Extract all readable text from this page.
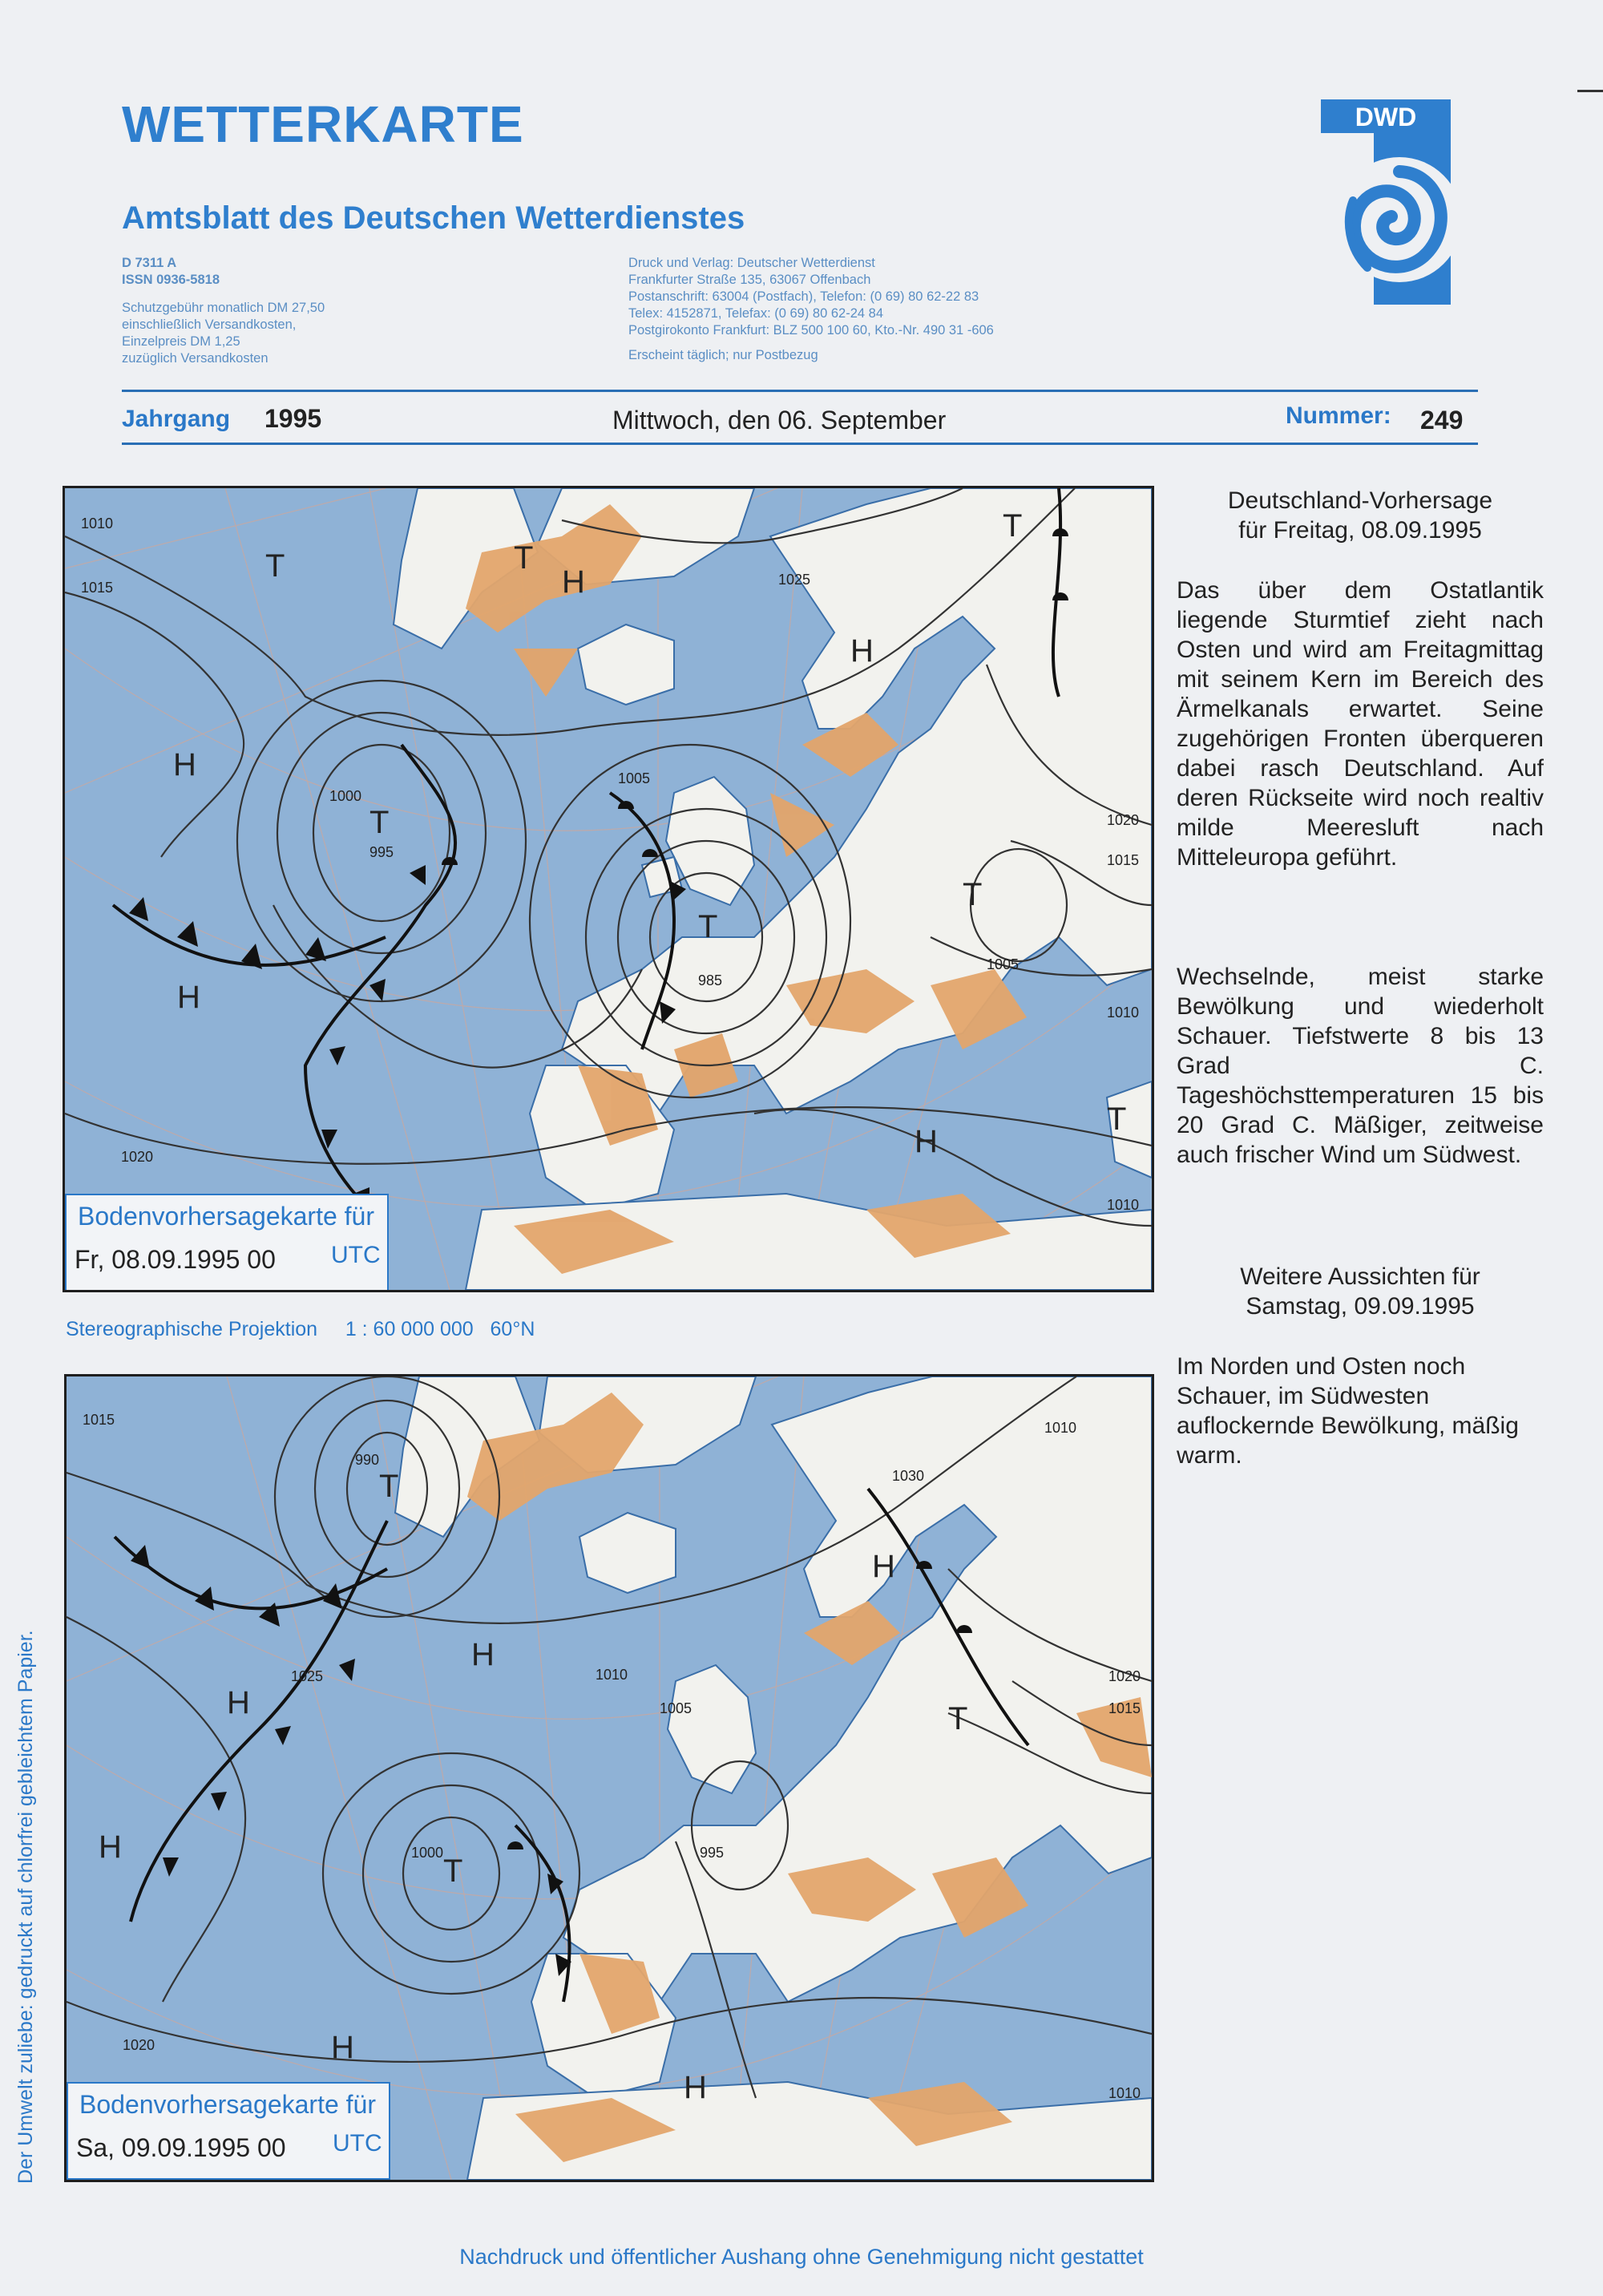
WETTERKARTE
Amtsblatt des Deutschen Wetterdienstes
D 7311 A
ISSN 0936-5818
Schutzgebühr monatlich DM 27,50
einschließlich Versandkosten,
Einzelpreis DM 1,25
zuzüglich Versandkosten
Druck und Verlag: Deutscher Wetterdienst
Frankfurter Straße 135, 63067 Offenbach
Postanschrift: 63004 (Postfach), Telefon: (0 69) 80 62-22 83
Telex: 4152871, Telefax: (0 69) 80 62-24 84
Postgirokonto Frankfurt: BLZ 500 100 60, Kto.-Nr. 490 31 -606
Erscheint täglich; nur Postbezug
DWD
Jahrgang 1995	Mittwoch, den 06. September	Nummer: 249
H
H
H
H
H
T	T
T
T
T
T
T
1010
1015
1020
1025
1005
1000
995
985
1010
1005
1015
1020
1010
Bodenvorhersagekarte für
Fr, 08.09.1995 00 UTC
Stereographische Projektion 1 : 60 000 000 60°N
H
H
H
H
H
H
T
T
T
1015
1025
1020
1010
1005
1000	995
990
1030
1010
1015
1020
1010
Bodenvorhersagekarte für
Sa, 09.09.1995 00 UTC
Deutschland-Vorhersage
für Freitag, 08.09.1995
Das über dem Ostatlantik liegende Sturmtief zieht nach Osten und wird am Freitagmittag mit seinem Kern im Bereich des Ärmelkanals erwartet. Seine zugehörigen Fronten überqueren dabei rasch Deutschland. Auf deren Rückseite wird noch realtiv milde Meeresluft nach Mitteleuropa geführt.
Wechselnde, meist starke Bewölkung und wiederholt Schauer. Tiefstwerte 8 bis 13 Grad C. Tageshöchsttemperaturen 15 bis 20 Grad C. Mäßiger, zeitweise auch frischer Wind um Südwest.
Weitere Aussichten für
Samstag, 09.09.1995
Im Norden und Osten noch Schauer, im Südwesten auflockernde Bewölkung, mäßig warm.
Der Umwelt zuliebe: gedruckt auf chlorfrei gebleichtem Papier.
Nachdruck und öffentlicher Aushang ohne Genehmigung nicht gestattet
